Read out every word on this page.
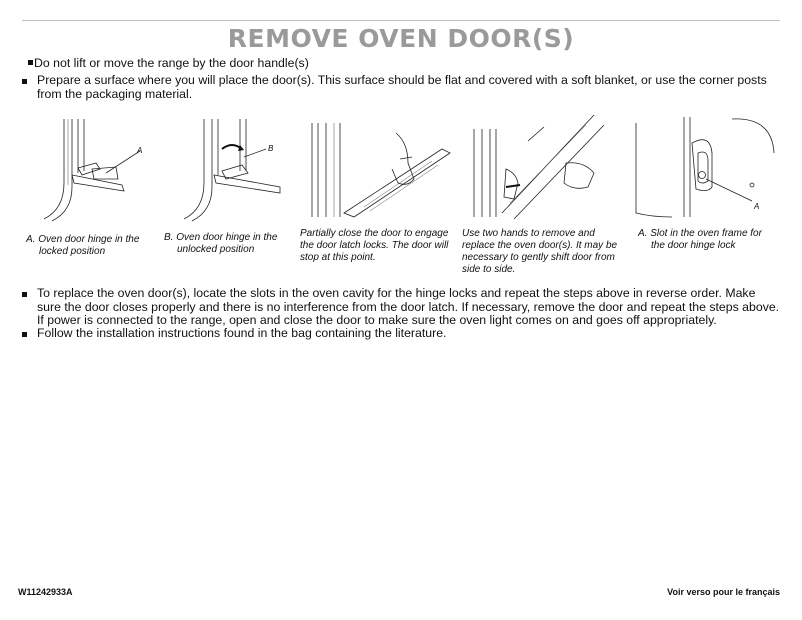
REMOVE OVEN DOOR(S)
Do not lift or move the range by the door handle(s)
Prepare a surface where you will place the door(s). This surface should be flat and covered with a soft blanket, or use the corner posts from the packaging material.
A	B
A
A. Oven door hinge in the
locked position
B. Oven door hinge in the
unlocked position
Partially close the door to engage
the door latch locks. The door will
stop at this point.
Use two hands to remove and
replace the oven door(s). It may be
necessary to gently shift door from
side to side.
A. Slot in the oven frame for
the door hinge lock
To replace the oven door(s), locate the slots in the oven cavity for the hinge locks and repeat the steps above in reverse order. Make sure the door closes properly and there is no interference from the door latch. If necessary, remove the door and repeat the steps above. If power is connected to the range, open and close the door to make sure the oven light comes on and goes off appropriately.
Follow the installation instructions found in the bag containing the literature.
W11242933A	Voir verso pour le français
